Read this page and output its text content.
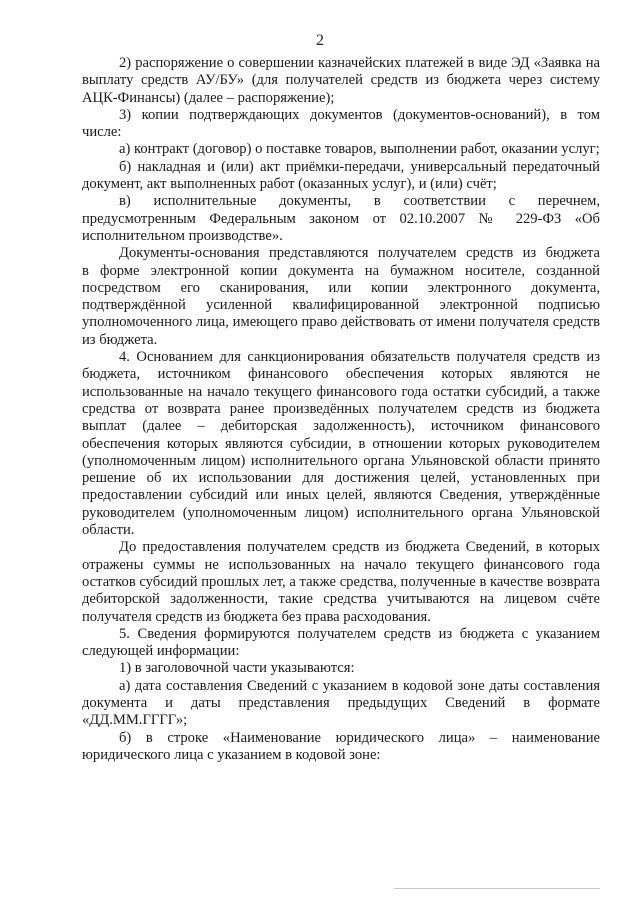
2

2) распоряжение о совершении казначейских платежей в виде ЭД «Заявка на выплату средств АУ/БУ» (для получателей средств из бюджета через систему АЦК-Финансы) (далее – распоряжение);

3) копии подтверждающих документов (документов-оснований), в том числе:

а) контракт (договор) о поставке товаров, выполнении работ, оказании услуг;

б) накладная и (или) акт приёмки-передачи, универсальный передаточный документ, акт выполненных работ (оказанных услуг), и (или) счёт;

в) исполнительные документы, в соответствии с перечнем, предусмотренным Федеральным законом от 02.10.2007 № 229-ФЗ «Об исполнительном производстве».

Документы-основания представляются получателем средств из бюджета

в форме электронной копии документа на бумажном носителе, созданной посредством его сканирования, или копии электронного документа, подтверждённой усиленной квалифицированной электронной подписью уполномоченного лица, имеющего право действовать от имени получателя средств из бюджета.

4. Основанием для санкционирования обязательств получателя средств из бюджета, источником финансового обеспечения которых являются не использованные на начало текущего финансового года остатки субсидий, а также средства от возврата ранее произведённых получателем средств из бюджета выплат (далее – дебиторская задолженность), источником финансового обеспечения которых являются субсидии, в отношении которых руководителем (уполномоченным лицом) исполнительного органа Ульяновской области принято решение об их использовании для достижения целей, установленных при предоставлении субсидий или иных целей, являются Сведения, утверждённые руководителем (уполномоченным лицом) исполнительного органа Ульяновской области.

До предоставления получателем средств из бюджета Сведений, в которых отражены суммы не использованных на начало текущего финансового года остатков субсидий прошлых лет, а также средства, полученные в качестве возврата дебиторской задолженности, такие средства учитываются на лицевом счёте получателя средств из бюджета без права расходования.

5. Сведения формируются получателем средств из бюджета с указанием следующей информации:

1) в заголовочной части указываются:

а) дата составления Сведений с указанием в кодовой зоне даты составления документа и даты представления предыдущих Сведений в формате «ДД.ММ.ГГГГ»;

б) в строке «Наименование юридического лица» – наименование юридического лица с указанием в кодовой зоне:
